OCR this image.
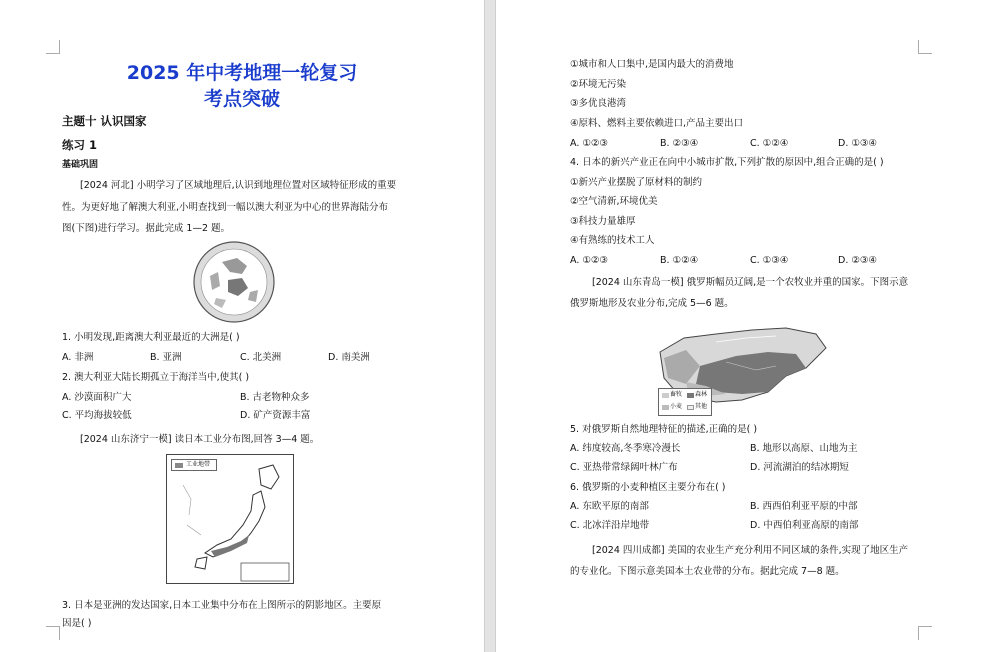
2025 年中考地理一轮复习
考点突破
主题十 认识国家
练习 1
基础巩固
[2024 河北] 小明学习了区域地理后,认识到地理位置对区域特征形成的重要
性。为更好地了解澳大利亚,小明查找到一幅以澳大利亚为中心的世界海陆分布
图(下图)进行学习。据此完成 1—2 题。
1. 小明发现,距离澳大利亚最近的大洲是( )
A. 非洲	B. 亚洲	C. 北美洲	D. 南美洲
2. 澳大利亚大陆长期孤立于海洋当中,使其( )
A. 沙漠面积广大	B. 古老物种众多
C. 平均海拔较低	D. 矿产资源丰富
[2024 山东济宁一模] 读日本工业分布图,回答 3—4 题。
工业地带
3. 日本是亚洲的发达国家,日本工业集中分布在上图所示的阴影地区。主要原
因是( )
①城市和人口集中,是国内最大的消费地
②环境无污染
③多优良港湾
④原料、燃料主要依赖进口,产品主要出口
A. ①②③	B. ②③④	C. ①②④	D. ①③④
4. 日本的新兴产业正在向中小城市扩散,下列扩散的原因中,组合正确的是( )
①新兴产业摆脱了原材料的制约
②空气清新,环境优美
③科技力量雄厚
④有熟练的技术工人
A. ①②③	B. ①②④	C. ①③④	D. ②③④
[2024 山东青岛一模] 俄罗斯幅员辽阔,是一个农牧业并重的国家。下图示意
俄罗斯地形及农业分布,完成 5—6 题。
畜牧 森林
小麦 其他
5. 对俄罗斯自然地理特征的描述,正确的是( )
A. 纬度较高,冬季寒冷漫长	B. 地形以高原、山地为主
C. 亚热带常绿阔叶林广布	D. 河流湖泊的结冰期短
6. 俄罗斯的小麦种植区主要分布在( )
A. 东欧平原的南部	B. 西西伯利亚平原的中部
C. 北冰洋沿岸地带	D. 中西伯利亚高原的南部
[2024 四川成都] 美国的农业生产充分利用不同区域的条件,实现了地区生产
的专业化。下图示意美国本土农业带的分布。据此完成 7—8 题。
